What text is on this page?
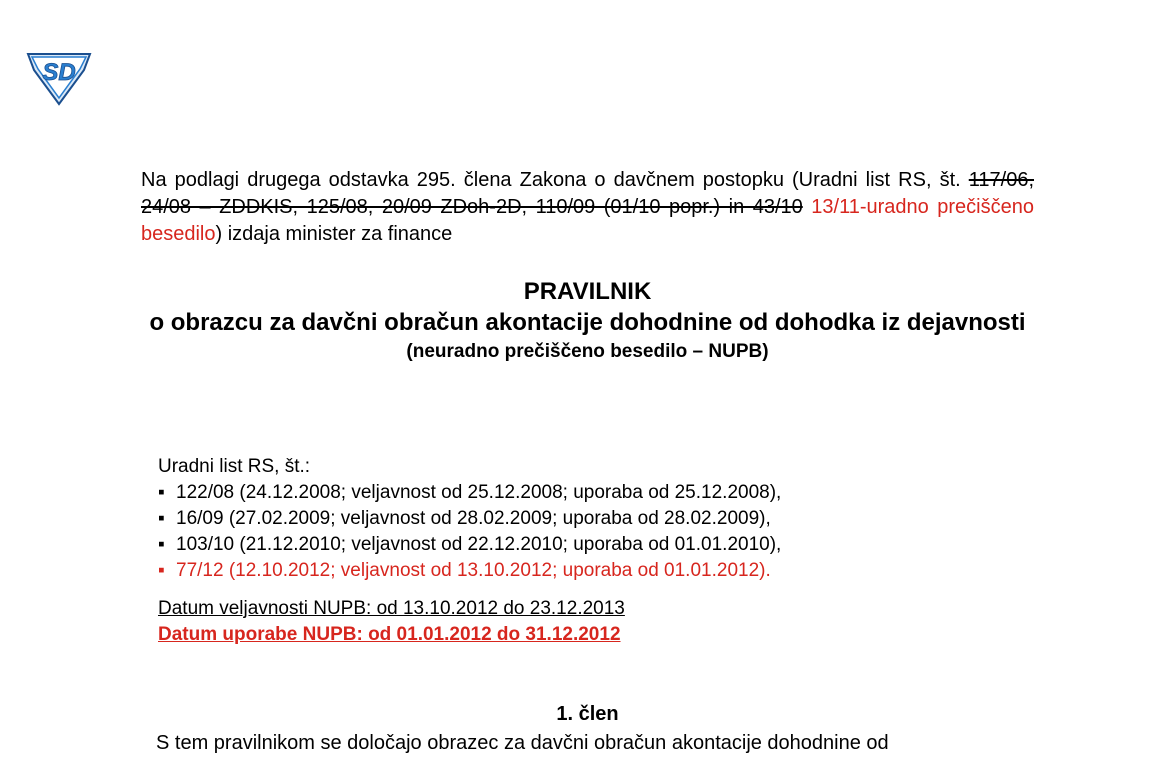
SD

Na podlagi drugega odstavka 295. člena Zakona o davčnem postopku (Uradni list RS, št. 117/06, 24/08 – ZDDKIS, 125/08, 20/09 ZDoh-2D, 110/09 (01/10 popr.) in 43/10 13/11-uradno prečiščeno besedilo) izdaja minister za finance

PRAVILNIK
o obrazcu za davčni obračun akontacije dohodnine od dohodka iz dejavnosti
(neuradno prečiščeno besedilo – NUPB)
Uradni list RS, št.:
▪ 122/08 (24.12.2008; veljavnost od 25.12.2008; uporaba od 25.12.2008),
▪ 16/09 (27.02.2009; veljavnost od 28.02.2009; uporaba od 28.02.2009),
▪ 103/10 (21.12.2010; veljavnost od 22.12.2010; uporaba od 01.01.2010),
▪ 77/12 (12.10.2012; veljavnost od 13.10.2012; uporaba od 01.01.2012).
Datum veljavnosti NUPB: od 13.10.2012 do 23.12.2013
Datum uporabe NUPB: od 01.01.2012 do 31.12.2012
1. člen
S tem pravilnikom se določajo obrazec za davčni obračun akontacije dohodnine od
